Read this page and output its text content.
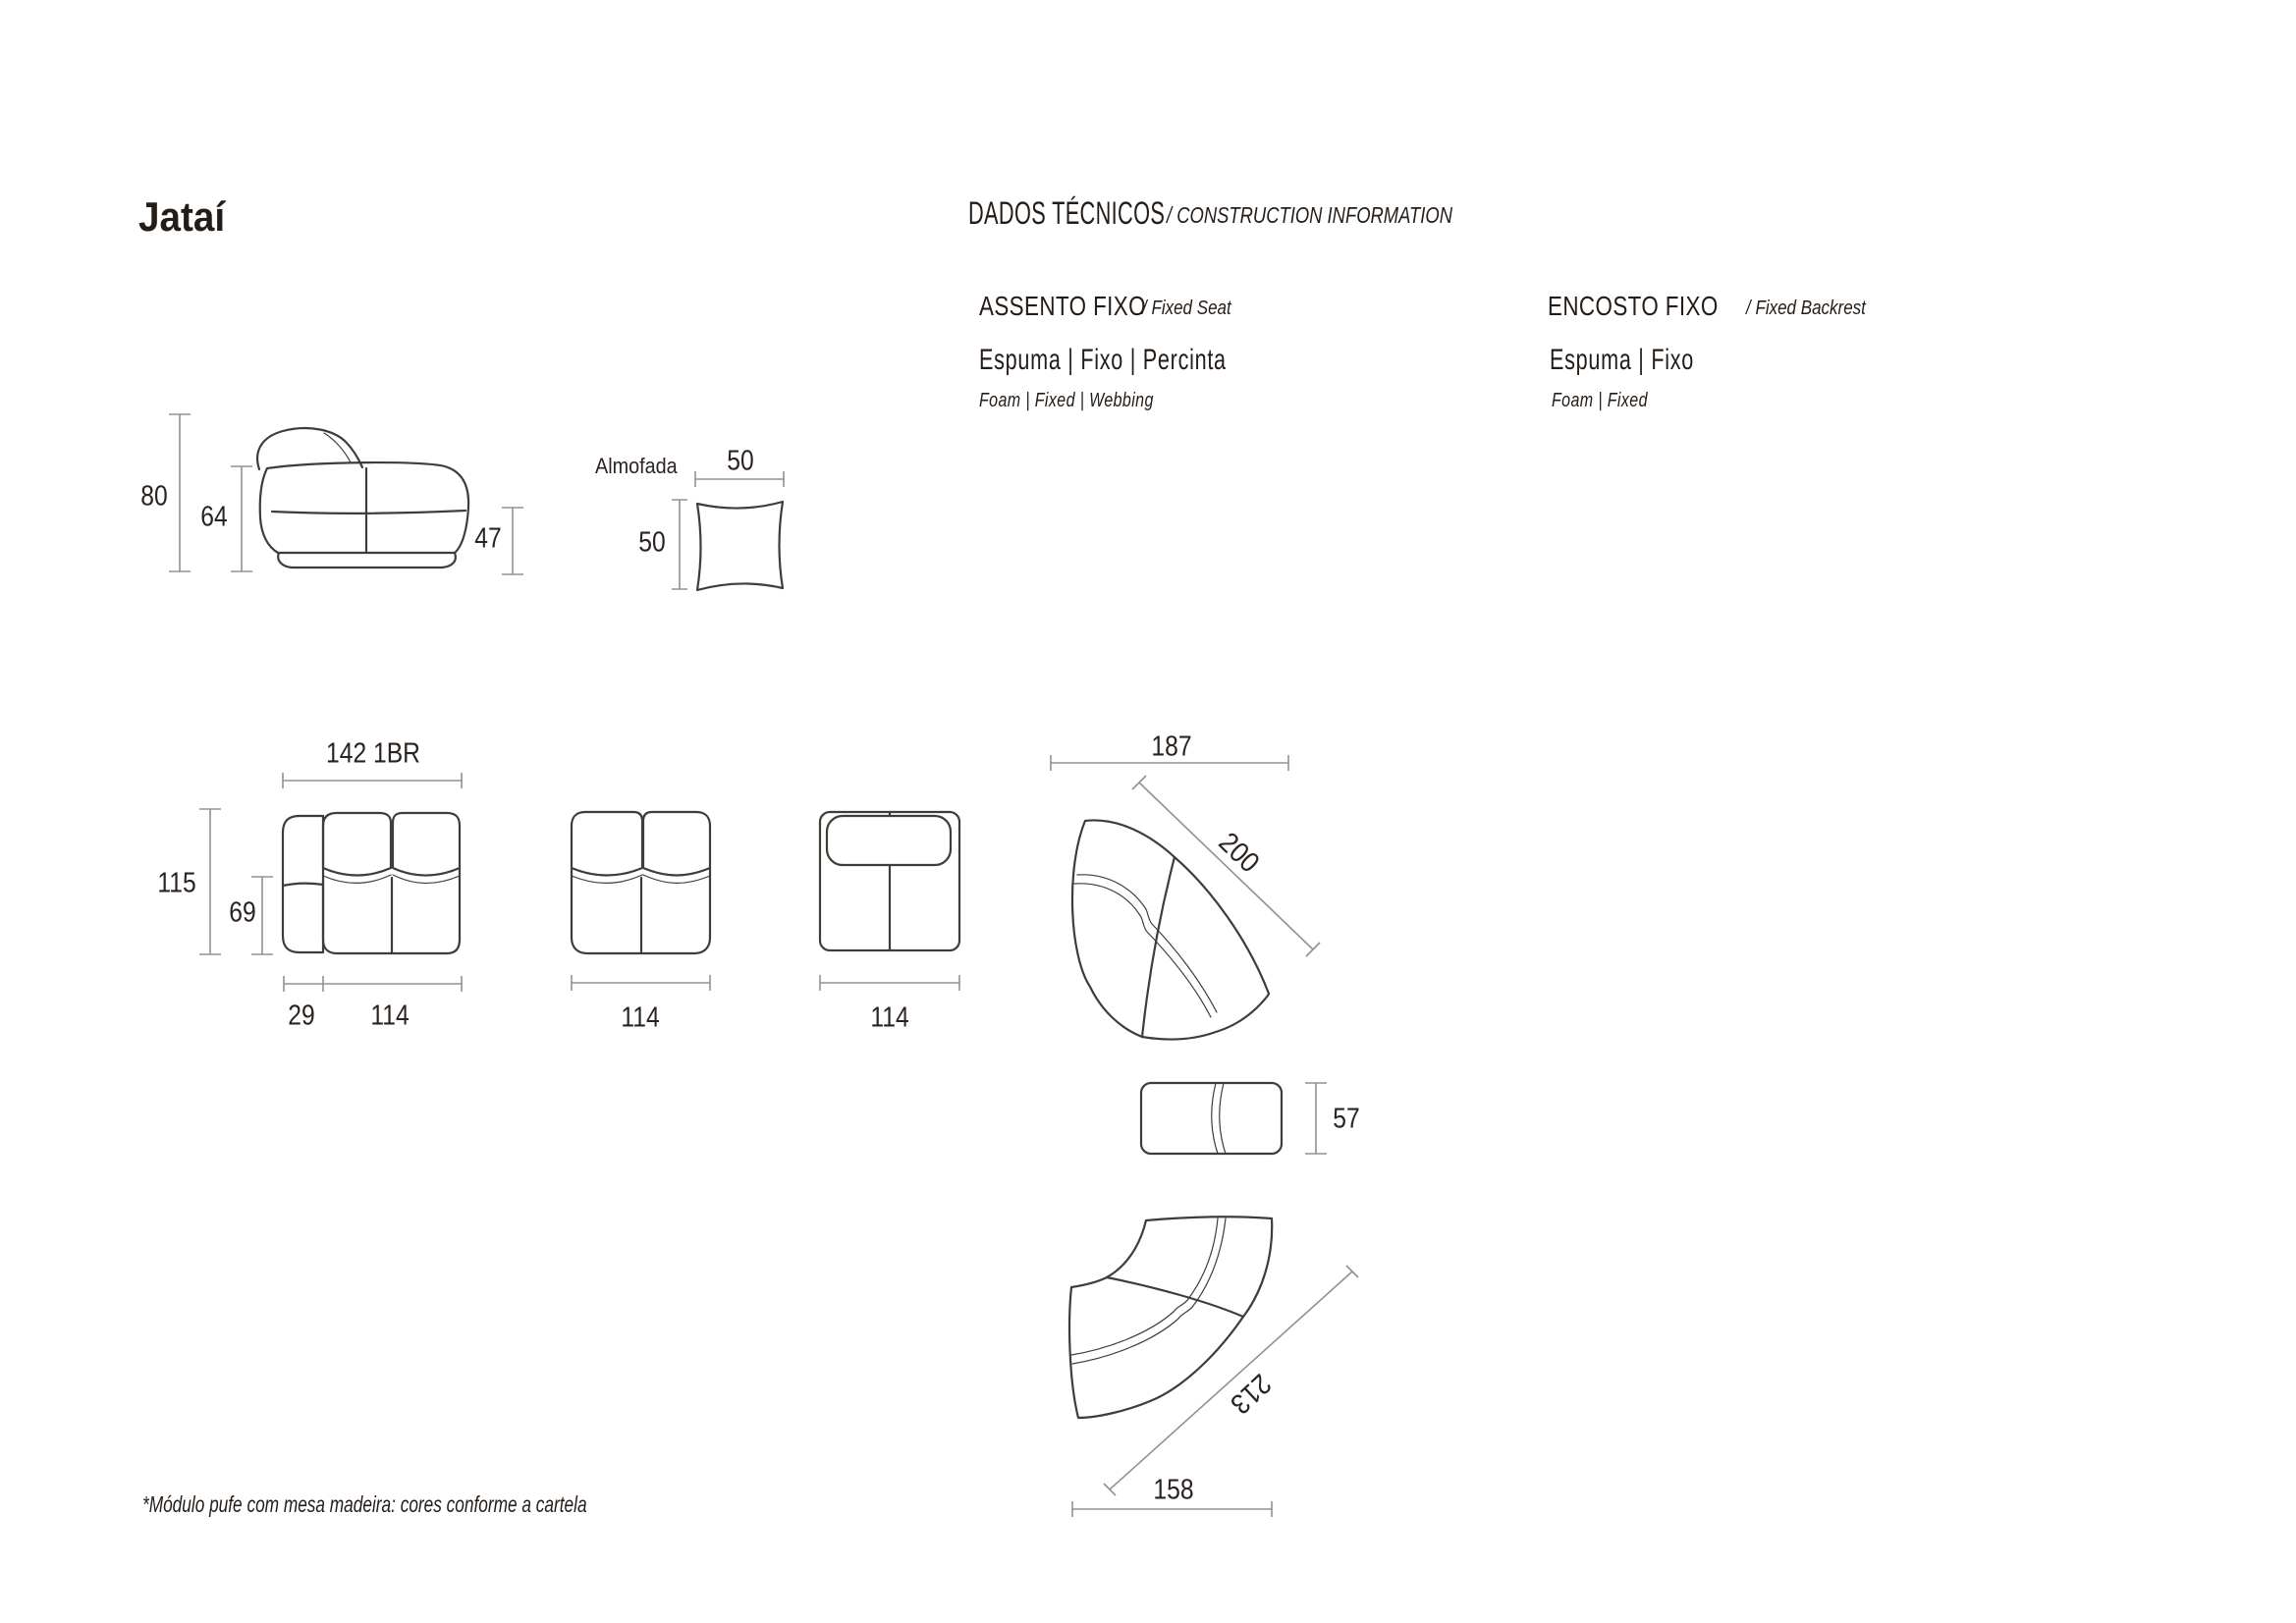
Jataí	DADOS TÉCNICOS / CONSTRUCTION INFORMATION
ASSENTO FIXO
/ Fixed Seat
Espuma | Fixo | Percinta
Foam | Fixed | Webbing
ENCOSTO FIXO / Fixed Backrest
Espuma | Fixo
Foam | Fixed
80
64
47
Almofada 50
50
142 1BR
115
69
29 114	114	114
187
200
57
213
158
*Módulo pufe com mesa madeira: cores conforme a cartela
